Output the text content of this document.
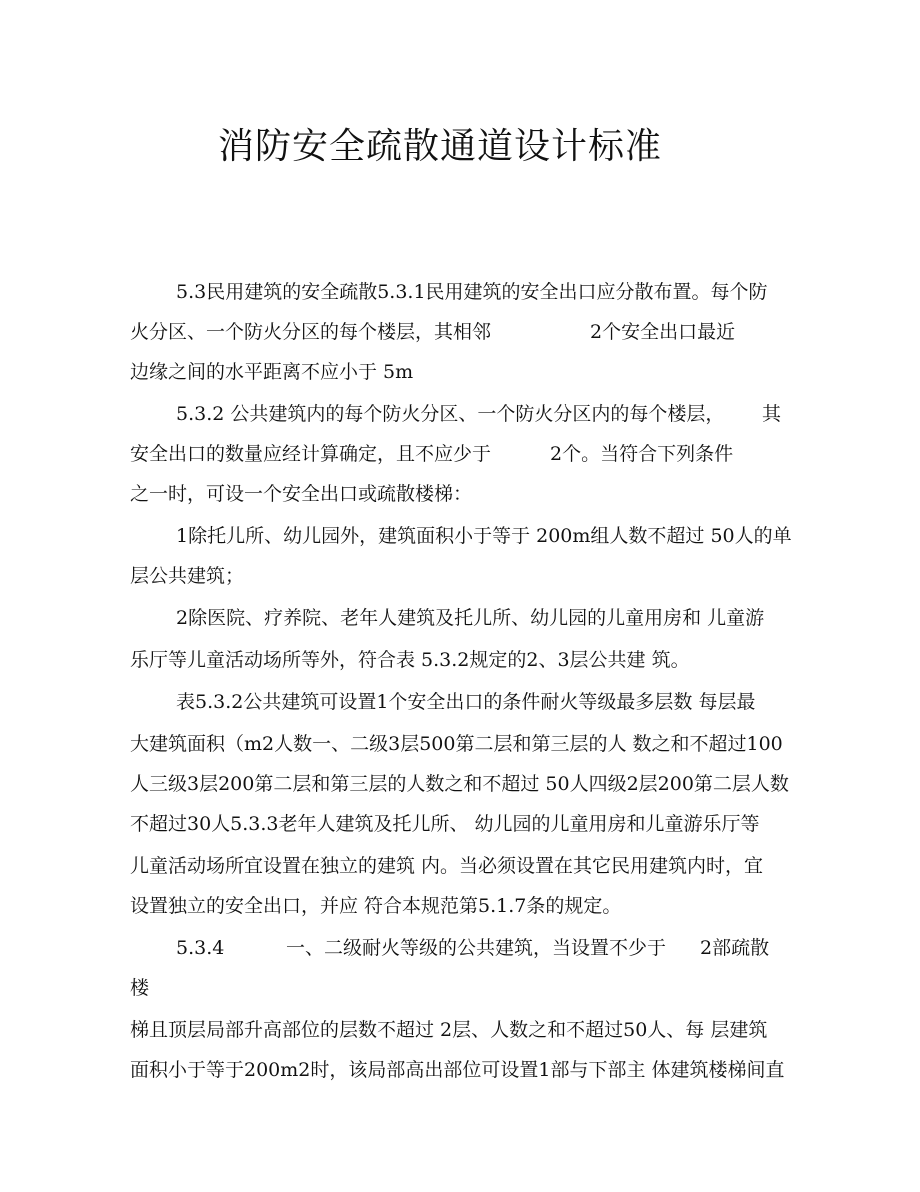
消防安全疏散通道设计标准
5.3民用建筑的安全疏散5.3.1民用建筑的安全出口应分散布置。每个防
火分区、一个防火分区的每个楼层，其相邻	2个安全出口最近
边缘之间的水平距离不应小于 5m
5.3.2 公共建筑内的每个防火分区、一个防火分区内的每个楼层， 其
安全出口的数量应经计算确定，且不应少于	2个。当符合下列条件
之一时，可设一个安全出口或疏散楼梯：
1除托儿所、幼儿园外，建筑面积小于等于 200m组人数不超过 50人的单
层公共建筑；
2除医院、疗养院、老年人建筑及托儿所、幼儿园的儿童用房和 儿童游
乐厅等儿童活动场所等外，符合表 5.3.2规定的2、3层公共建 筑。
表5.3.2公共建筑可设置1个安全出口的条件耐火等级最多层数 每层最
大建筑面积（m2人数一、二级3层500第二层和第三层的人 数之和不超过100
人三级3层200第二层和第三层的人数之和不超过 50人四级2层200第二层人数
不超过30人5.3.3老年人建筑及托儿所、 幼儿园的儿童用房和儿童游乐厅等
儿童活动场所宜设置在独立的建筑 内。当必须设置在其它民用建筑内时，宜
设置独立的安全出口，并应 符合本规范第5.1.7条的规定。
5.3.4	一、二级耐火等级的公共建筑，当设置不少于 2部疏散
楼
梯且顶层局部升高部位的层数不超过 2层、人数之和不超过50人、每 层建筑
面积小于等于200m2时，该局部高出部位可设置1部与下部主 体建筑楼梯间直
